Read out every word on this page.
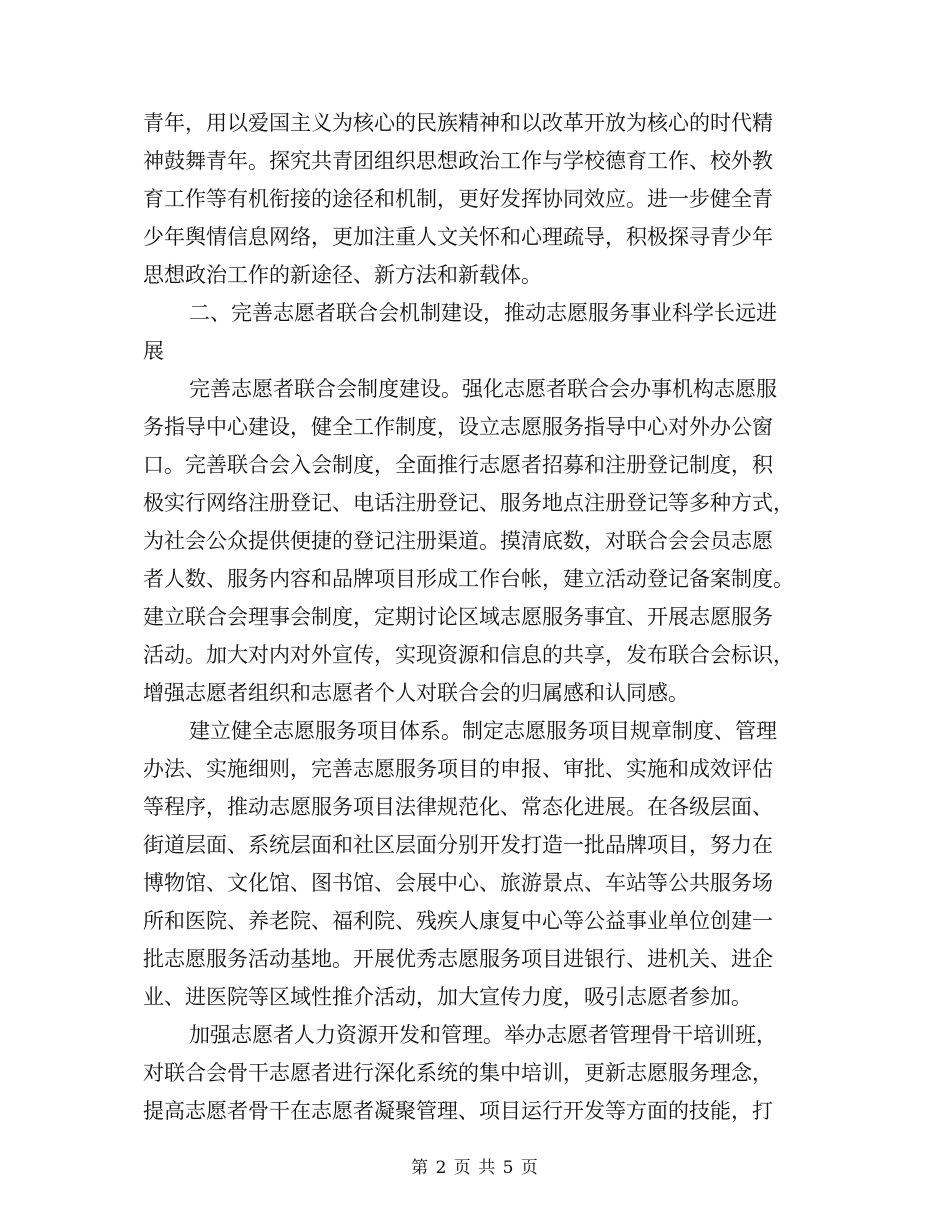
青年，用以爱国主义为核心的民族精神和以改革开放为核心的时代精
神鼓舞青年。探究共青团组织思想政治工作与学校德育工作、校外教
育工作等有机衔接的途径和机制，更好发挥协同效应。进一步健全青
少年舆情信息网络，更加注重人文关怀和心理疏导，积极探寻青少年
思想政治工作的新途径、新方法和新载体。
二、完善志愿者联合会机制建设，推动志愿服务事业科学长远进
展
完善志愿者联合会制度建设。强化志愿者联合会办事机构志愿服
务指导中心建设，健全工作制度，设立志愿服务指导中心对外办公窗
口。完善联合会入会制度，全面推行志愿者招募和注册登记制度，积
极实行网络注册登记、电话注册登记、服务地点注册登记等多种方式，
为社会公众提供便捷的登记注册渠道。摸清底数，对联合会会员志愿
者人数、服务内容和品牌项目形成工作台帐，建立活动登记备案制度。
建立联合会理事会制度，定期讨论区域志愿服务事宜、开展志愿服务
活动。加大对内对外宣传，实现资源和信息的共享，发布联合会标识，
增强志愿者组织和志愿者个人对联合会的归属感和认同感。
建立健全志愿服务项目体系。制定志愿服务项目规章制度、管理
办法、实施细则，完善志愿服务项目的申报、审批、实施和成效评估
等程序，推动志愿服务项目法律规范化、常态化进展。在各级层面、
街道层面、系统层面和社区层面分别开发打造一批品牌项目，努力在
博物馆、文化馆、图书馆、会展中心、旅游景点、车站等公共服务场
所和医院、养老院、福利院、残疾人康复中心等公益事业单位创建一
批志愿服务活动基地。开展优秀志愿服务项目进银行、进机关、进企
业、进医院等区域性推介活动，加大宣传力度，吸引志愿者参加。
加强志愿者人力资源开发和管理。举办志愿者管理骨干培训班，
对联合会骨干志愿者进行深化系统的集中培训，更新志愿服务理念，
提高志愿者骨干在志愿者凝聚管理、项目运行开发等方面的技能，打
第 2 页 共 5 页
